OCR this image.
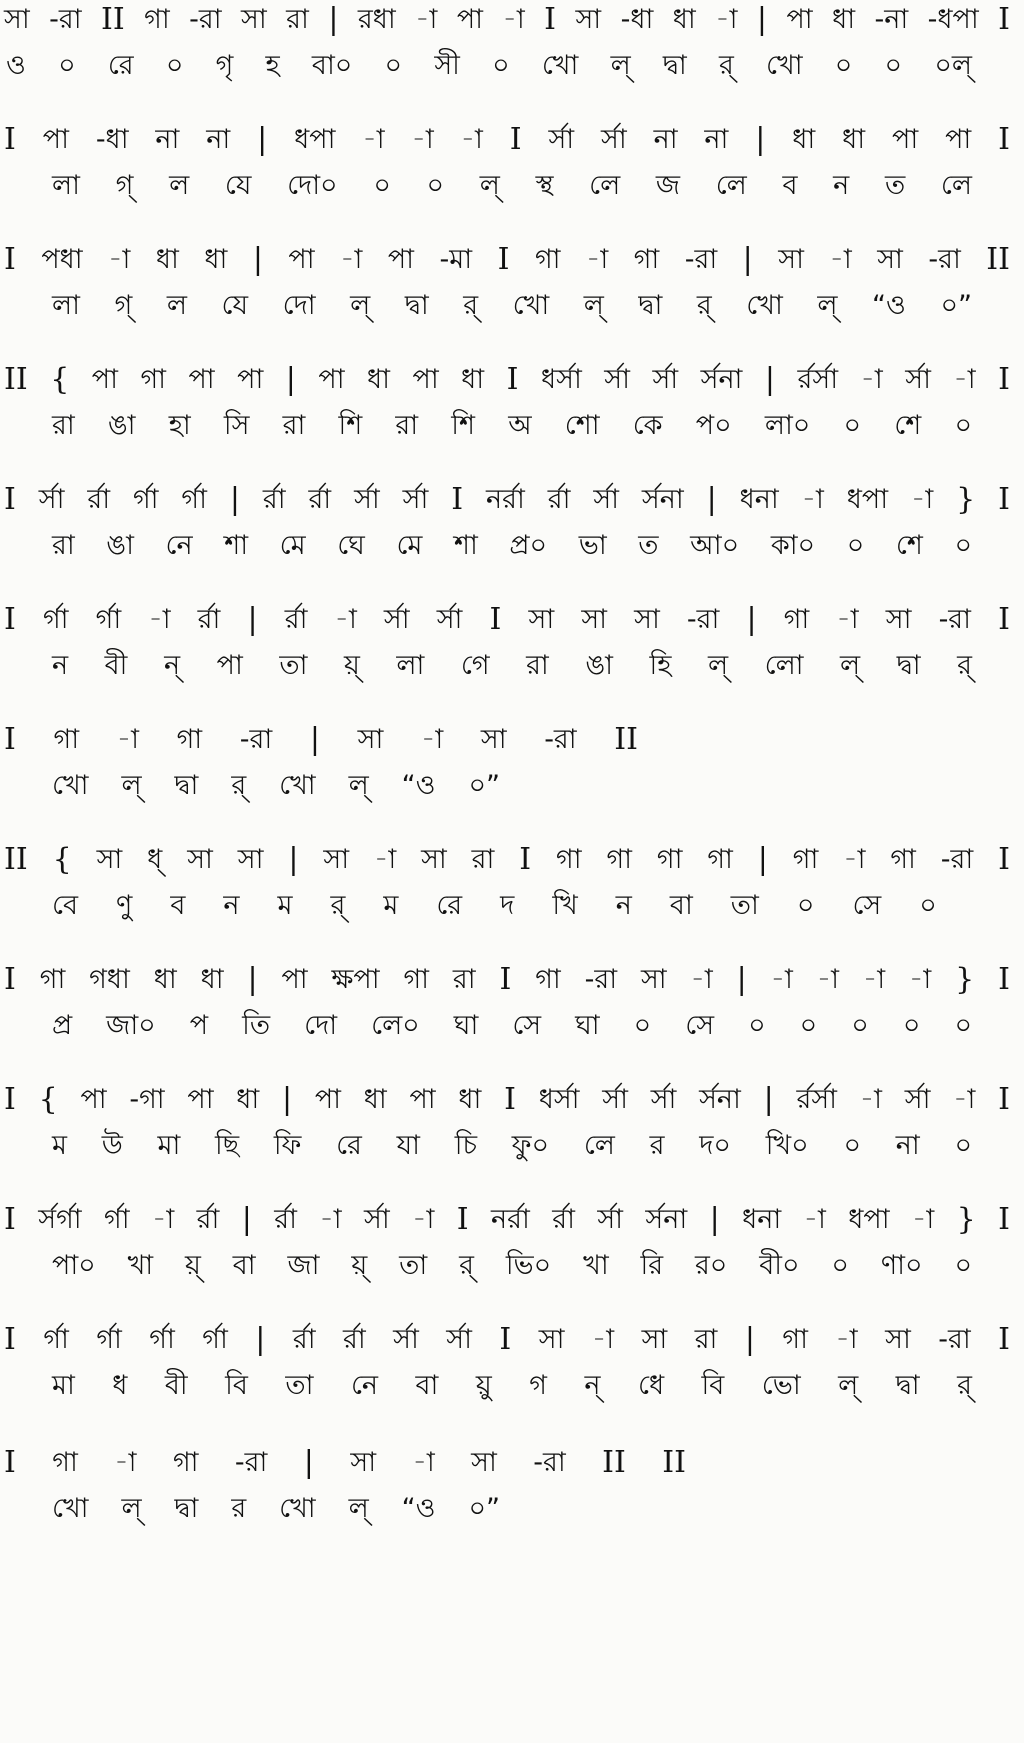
সা -রা II গা -রা সা রা | রধা -া পা -া I সা -ধা ধা -া | পা ধা -না -ধপা I
ও ০ রে ০ গৃ হ বা০ ০ সী ০ খো ল্ দ্বা র্ খো ০ ০ ০ল্
I পা -ধা না না | ধপা -া -া -া I র্সা র্সা না না | ধা ধা পা পা I
লা গ্ ল যে দো০ ০ ০ ল্ স্থ লে জ লে ব ন ত লে
I পধা -া ধা ধা | পা -া পা -মা I গা -া গা -রা | সা -া সা -রা II
লা গ্ ল যে দো ল্ দ্বা র্ খো ল্ দ্বা র্ খো ল্ “ও ০”
II { পা গা পা পা | পা ধা পা ধা I ধর্সা র্সা র্সা র্সনা | র্রর্সা -া র্সা -া I
রা ঙা হা সি রা শি রা শি অ শো কে প০ লা০ ০ শে ০
I র্সা র্রা র্গা র্গা | র্রা র্রা র্সা র্সা I নর্রা র্রা র্সা র্সনা | ধনা -া ধপা -া } I
রা ঙা নে শা মে ঘে মে শা প্র০ ভা ত আ০ কা০ ০ শে ০
I র্গা র্গা -া র্রা | র্রা -া র্সা র্সা I সা সা সা -রা | গা -া সা -রা I
ন বী ন্ পা তা য়্ লা গে রা ঙা হি ল্ লো ল্ দ্বা র্
I গা -া গা -রা | সা -া সা -রা II
খো ল্ দ্বা র্ খো ল্ “ও ০”
II { সা ধ্ সা সা | সা -া সা রা I গা গা গা গা | গা -া গা -রা I
বে ণু ব ন ম র্ ম রে দ খি ন বা তা ০ সে ০
I গা গধা ধা ধা | পা ক্ষপা গা রা I গা -রা সা -া | -া -া -া -া } I
প্র জা০ প তি দো লে০ ঘা সে ঘা ০ সে ০ ০ ০ ০ ০
I { পা -গা পা ধা | পা ধা পা ধা I ধর্সা র্সা র্সা র্সনা | র্রর্সা -া র্সা -া I
ম উ মা ছি ফি রে যা চি ফু০ লে র দ০ খি০ ০ না ০
I র্সর্গা র্গা -া র্রা | র্রা -া র্সা -া I নর্রা র্রা র্সা র্সনা | ধনা -া ধপা -া } I
পা০ খা য়্ বা জা য়্ তা র্ ভি০ খা রি র০ বী০ ০ ণা০ ০
I র্গা র্গা র্গা র্গা | র্রা র্রা র্সা র্সা I সা -া সা রা | গা -া সা -রা I
মা ধ বী বি তা নে বা য়ু গ ন্ ধে বি ভো ল্ দ্বা র্
I গা -া গা -রা | সা -া সা -রা II II
খো ল্ দ্বা র খো ল্ “ও ০”
